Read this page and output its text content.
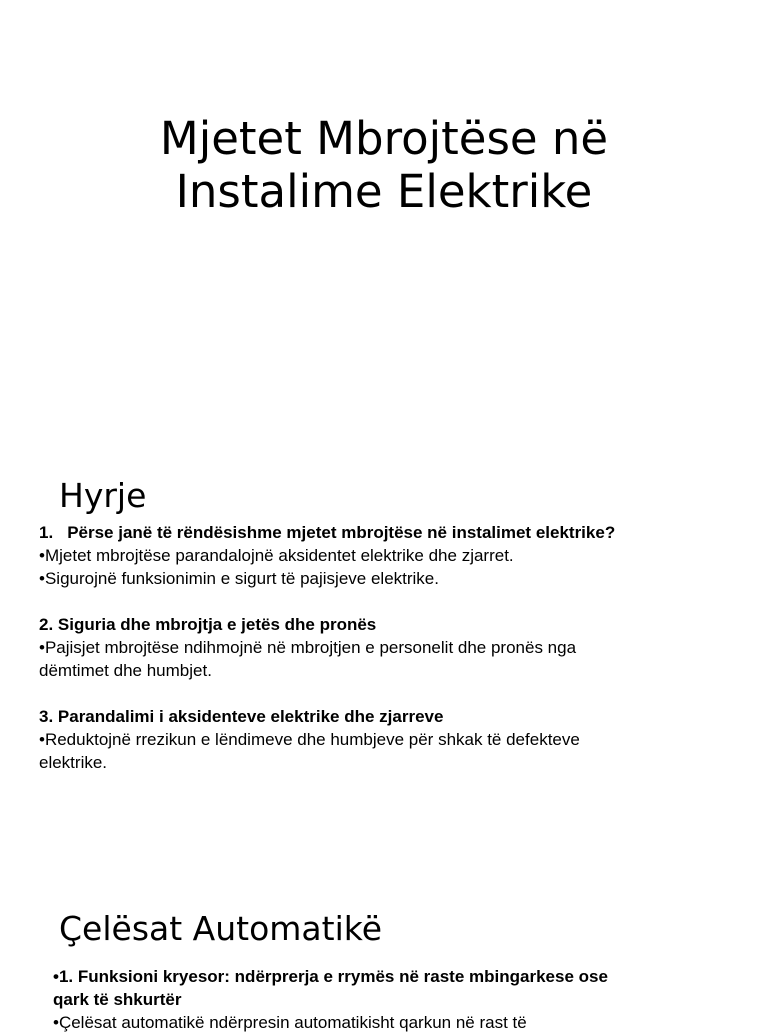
Mjetet Mbrojtëse në
Instalime Elektrike
Hyrje

1. Përse janë të rëndësishme mjetet mbrojtëse në instalimet elektrike?

•Mjetet mbrojtëse parandalojnë aksidentet elektrike dhe zjarret.

•Sigurojnë funksionimin e sigurt të pajisjeve elektrike.

2. Siguria dhe mbrojtja e jetës dhe pronës

•Pajisjet mbrojtëse ndihmojnë në mbrojtjen e personelit dhe pronës nga

dëmtimet dhe humbjet.

3. Parandalimi i aksidenteve elektrike dhe zjarreve

•Reduktojnë rrezikun e lëndimeve dhe humbjeve për shkak të defekteve

elektrike.

Çelësat Automatikë

•1. Funksioni kryesor: ndërprerja e rrymës në raste mbingarkese ose

qark të shkurtër

•Çelësat automatikë ndërpresin automatikisht qarkun në rast të
